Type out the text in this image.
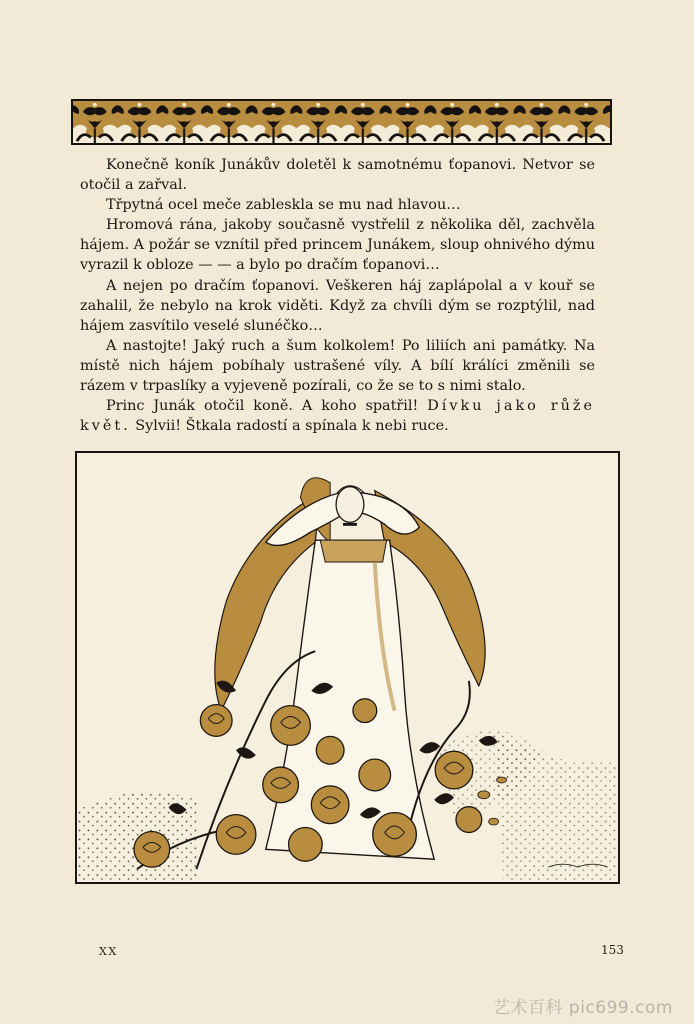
Konečně koník Junákův doletěl k samotnému ťopanovi. Netvor se otočil a zařval.

Třpytná ocel meče zableskla se mu nad hlavou…

Hromová rána, jakoby současně vystřelil z několika děl, zachvěla hájem. A požár se vznítil před princem Junákem, sloup ohnivého dýmu vyrazil k obloze — — a bylo po dračím ťopanovi…

A nejen po dračím ťopanovi. Veškeren háj zaplápolal a v kouř se zahalil, že nebylo na krok viděti. Když za chvíli dým se rozptýlil, nad hájem zasvítilo veselé slunéčko…

A nastojte! Jaký ruch a šum kolkolem! Po liliích ani památky. Na místě nich hájem pobíhaly ustrašené víly. A bílí králíci změnili se rázem v trpaslíky a vyjeveně pozírali, co že se to s nimi stalo.

Princ Junák otočil koně. A koho spatřil! Dívku jako růže květ. Sylvii! Štkala radostí a spínala k nebi ruce.

XX	153
艺术百科 pic699.com
